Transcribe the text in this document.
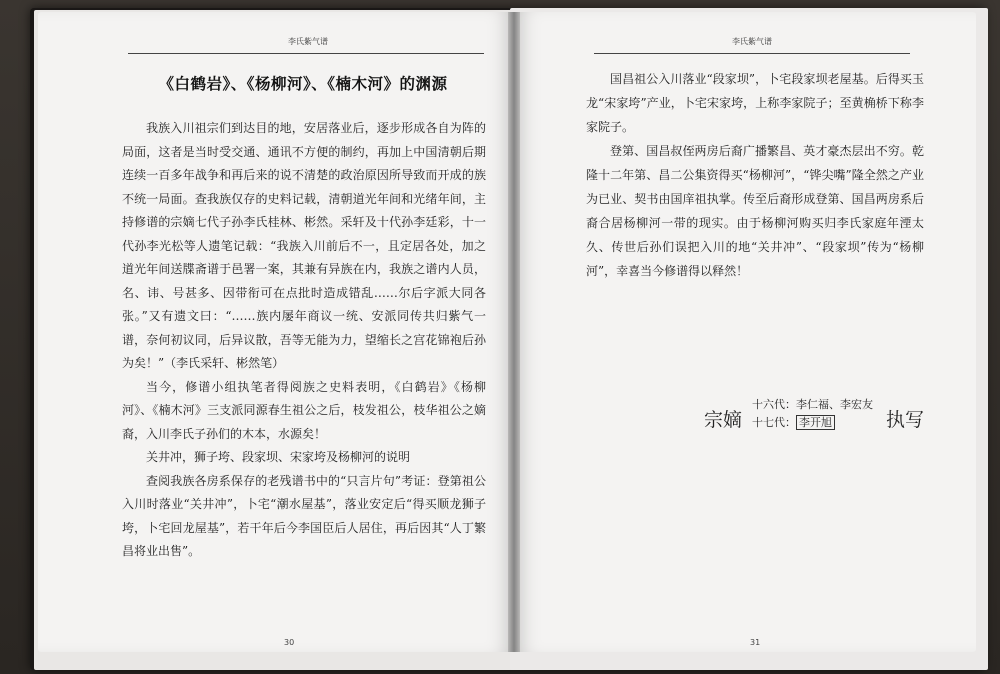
李氏紫气谱
《白鹤岩》、《杨柳河》、《楠木河》的渊源

我族入川祖宗们到达目的地，安居落业后，逐步形成各自为阵的局面，这者是当时受交通、通讯不方便的制约，再加上中国清朝后期连续一百多年战争和再后来的说不清楚的政治原因所导致而开成的族不统一局面。查我族仅存的史料记载，清朝道光年间和光绪年间，主持修谱的宗嫡七代子孙李氏桂林、彬然。采轩及十代孙李廷彩，十一代孙李光松等人遗笔记载：“我族入川前后不一，且定居各处，加之道光年间送牒斋谱于邑署一案，其兼有异族在内，我族之谱内人员，名、讳、号甚多、因带衔可在点批时造成错乱……尔后字派大同各张。”又有遗文曰：“……族内屡年商议一统、安派同传共归紫气一谱，奈何初议同，后异议散，吾等无能为力，望缩长之宫花锦袍后孙为矣！”（李氏采轩、彬然笔）

当今，修谱小组执笔者得阅族之史料表明，《白鹤岩》《杨柳河》、《楠木河》三支派同源春生祖公之后，枝发祖公，枝华祖公之嫡裔，入川李氏子孙们的木本，水源矣！

关井冲，狮子垮、段家坝、宋家垮及杨柳河的说明

查阅我族各房系保存的老残谱书中的“只言片句”考证：登第祖公入川时落业“关井冲”，卜宅“潮水屋基”，落业安定后“得买顺龙狮子垮，卜宅回龙屋基”，若干年后今李国臣后人居住，再后因其“人丁繁昌将业出售”。

30
李氏紫气谱

国昌祖公入川落业“段家坝”，卜宅段家坝老屋基。后得买玉龙“宋家垮”产业，卜宅宋家垮，上称李家院子；至黄桷桥下称李家院子。

登第、国昌叔侄两房后裔广播繁昌、英才豪杰层出不穷。乾隆十二年第、昌二公集资得买“杨柳河”，“铧尖嘴”隆全然之产业为已业、契书由国庠祖执掌。传至后裔形成登第、国昌两房系后裔合居杨柳河一带的现实。由于杨柳河购买归李氏家庭年湮太久、传世后孙们误把入川的地“关井冲”、“段家坝”传为“杨柳河”，幸喜当今修谱得以释然！

宗嫡
十六代：李仁福、李宏友
十七代： 李开旭	执写
31
